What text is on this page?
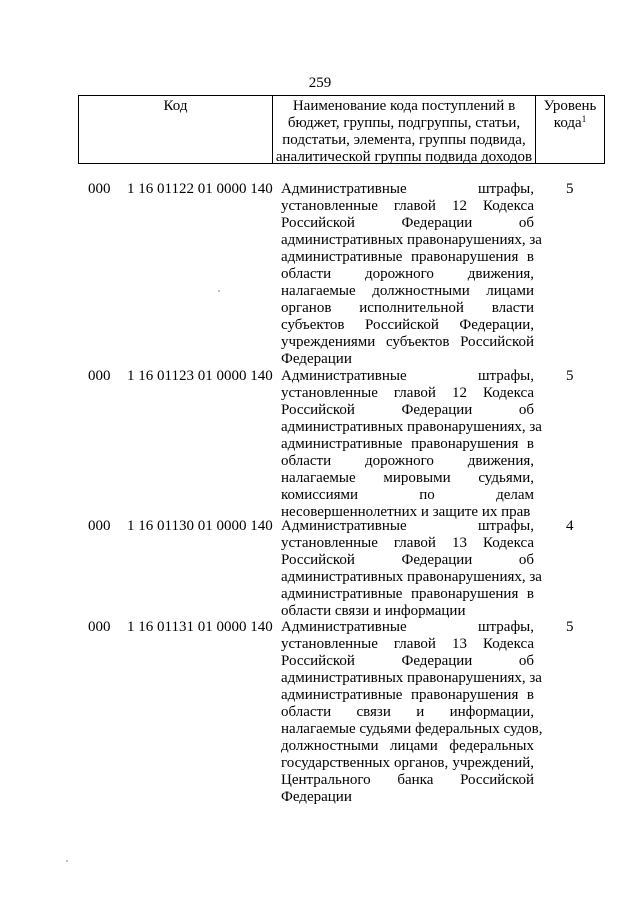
259
Код	Наименование кода поступлений в
бюджет, группы, подгруппы, статьи,
подстатьи, элемента, группы подвида,
аналитической группы подвида доходов
Уровень
кода$^1$
000 1 16 01122 01 0000 140 Административные штрафы,
установленные главой 12 Кодекса
Российской Федерации об
административных правонарушениях, за
административные правонарушения в
области дорожного движения,
налагаемые должностными лицами
органов исполнительной власти
субъектов Российской Федерации,
учреждениями субъектов Российской
Федерации
5
000 1 16 01123 01 0000 140 Административные штрафы,
установленные главой 12 Кодекса
Российской Федерации об
административных правонарушениях, за
административные правонарушения в
области дорожного движения,
налагаемые мировыми судьями,
комиссиями по делам
несовершеннолетних и защите их прав
5
000 1 16 01130 01 0000 140 Административные штрафы,
установленные главой 13 Кодекса
Российской Федерации об
административных правонарушениях, за
административные правонарушения в
области связи и информации
4
000 1 16 01131 01 0000 140 Административные штрафы,
установленные главой 13 Кодекса
Российской Федерации об
административных правонарушениях, за
административные правонарушения в
области связи и информации,
налагаемые судьями федеральных судов,
должностными лицами федеральных
государственных органов, учреждений,
Центрального банка Российской
Федерации
5
